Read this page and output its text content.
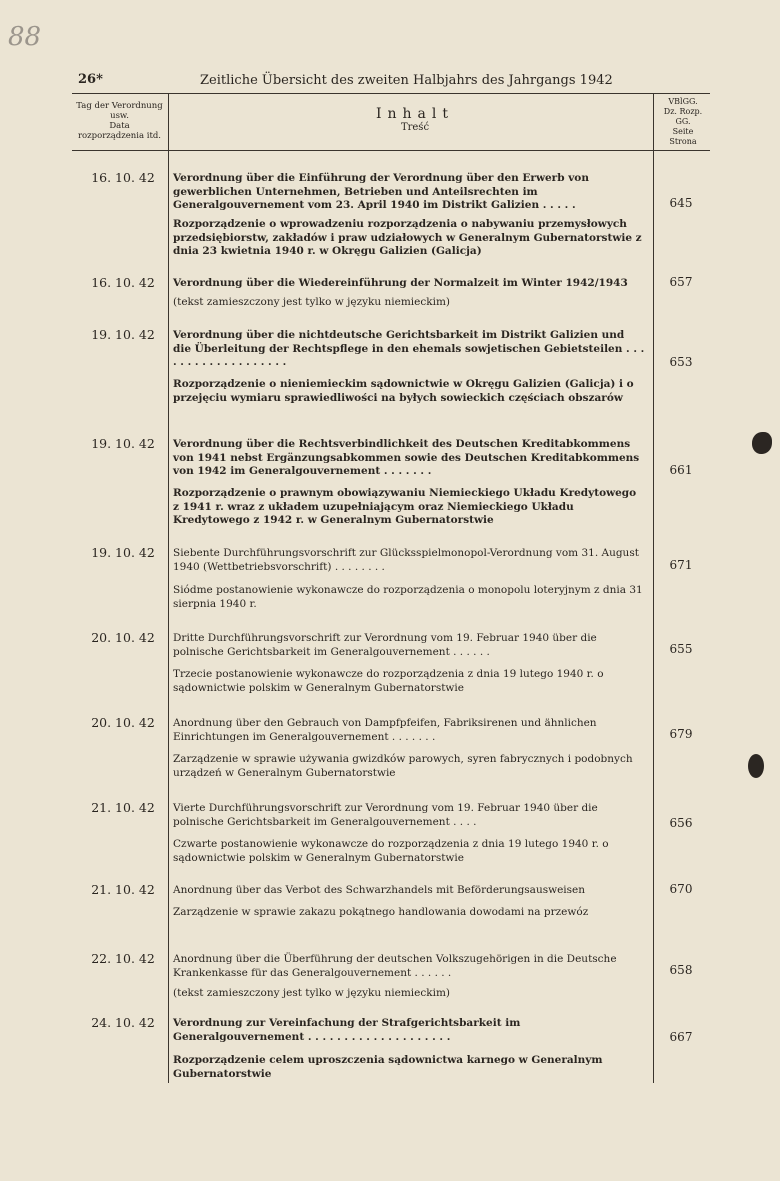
88
26*	Zeitliche Übersicht des zweiten Halbjahrs des Jahrgangs 1942
Tag der Verordnung
usw.
Data
rozporządzenia itd.
Inhalt
Treść
VBlGG.
Dz. Rozp.
GG.
Seite
Strona
16. 10. 42	Verordnung über die Einführung der Verordnung über den Erwerb von gewerblichen Unternehmen, Betrieben und Anteilsrechten im Generalgouvernement vom 23. April 1940 im Distrikt Galizien . . . . .
Rozporządzenie o wprowadzeniu rozporządzenia o nabywaniu przemysłowych przedsiębiorstw, zakładów i praw udziałowych w Generalnym Gubernatorstwie z dnia 23 kwietnia 1940 r. w Okręgu Galizien (Galicja)
645
16. 10. 42	Verordnung über die Wiedereinführung der Normalzeit im Winter 1942/1943
(tekst zamieszczony jest tylko w języku niemieckim)
657
19. 10. 42	Verordnung über die nichtdeutsche Gerichtsbarkeit im Distrikt Galizien und die Überleitung der Rechtspflege in den ehemals sowjetischen Gebietsteilen . . . . . . . . . . . . . . . . . . .
Rozporządzenie o nieniemieckim sądownictwie w Okręgu Galizien (Galicja) i o przejęciu wymiaru sprawiedliwości na byłych sowieckich częściach obszarów
653
19. 10. 42	Verordnung über die Rechtsverbindlichkeit des Deutschen Kreditabkommens von 1941 nebst Ergänzungsabkommen sowie des Deutschen Kreditabkommens von 1942 im Generalgouvernement . . . . . . .
Rozporządzenie o prawnym obowiązywaniu Niemieckiego Układu Kredytowego z 1941 r. wraz z układem uzupełniającym oraz Niemieckiego Układu Kredytowego z 1942 r. w Generalnym Gubernatorstwie
661
19. 10. 42	Siebente Durchführungsvorschrift zur Glücksspielmonopol-Verordnung vom 31. August 1940 (Wettbetriebsvorschrift) . . . . . . . .
Siódme postanowienie wykonawcze do rozporządzenia o monopolu loteryjnym z dnia 31 sierpnia 1940 r.
671
20. 10. 42	Dritte Durchführungsvorschrift zur Verordnung vom 19. Februar 1940 über die polnische Gerichtsbarkeit im Generalgouvernement . . . . . .
Trzecie postanowienie wykonawcze do rozporządzenia z dnia 19 lutego 1940 r. o sądownictwie polskim w Generalnym Gubernatorstwie
655
20. 10. 42	Anordnung über den Gebrauch von Dampfpfeifen, Fabriksirenen und ähnlichen Einrichtungen im Generalgouvernement . . . . . . .
Zarządzenie w sprawie używania gwizdków parowych, syren fabrycznych i podobnych urządzeń w Generalnym Gubernatorstwie
679
21. 10. 42	Vierte Durchführungsvorschrift zur Verordnung vom 19. Februar 1940 über die polnische Gerichtsbarkeit im Generalgouvernement . . . .
Czwarte postanowienie wykonawcze do rozporządzenia z dnia 19 lutego 1940 r. o sądownictwie polskim w Generalnym Gubernatorstwie
656
21. 10. 42	Anordnung über das Verbot des Schwarzhandels mit Beförderungsausweisen
Zarządzenie w sprawie zakazu pokątnego handlowania dowodami na przewóz
670
22. 10. 42	Anordnung über die Überführung der deutschen Volkszugehörigen in die Deutsche Krankenkasse für das Generalgouvernement . . . . . .
(tekst zamieszczony jest tylko w języku niemieckim)
658
24. 10. 42	Verordnung zur Vereinfachung der Strafgerichtsbarkeit im Generalgouvernement . . . . . . . . . . . . . . . . . . . .
Rozporządzenie celem uproszczenia sądownictwa karnego w Generalnym Gubernatorstwie
667
